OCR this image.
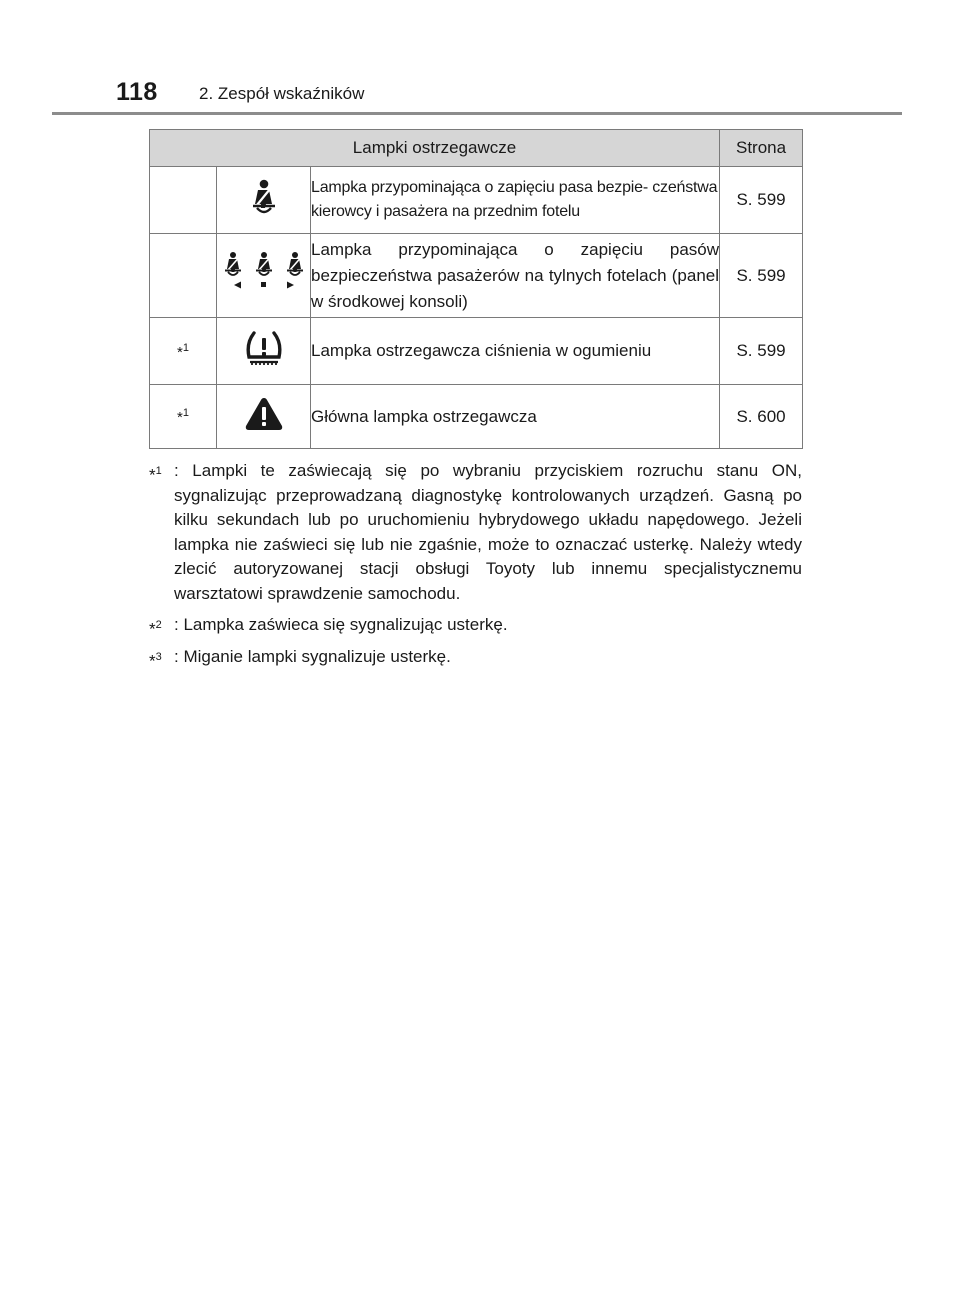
118 2. Zespół wskaźników
Lampki ostrzegawcze			Strona
		Lampka przypominająca o zapięciu pasa bezpie- czeństwa kierowcy i pasażera na przednim fotelu	S. 599
		Lampka przypominająca o zapięciu pasów bezpieczeństwa pasażerów na tylnych fotelach (panel w środkowej konsoli)	S. 599
*$^1$		Lampka ostrzegawcza ciśnienia w ogumieniu	S. 599
*$^1$		Główna lampka ostrzegawcza	S. 600
*$^1$ : Lampki te zaświecają się po wybraniu przyciskiem rozruchu stanu ON, sygnalizując przeprowadzaną diagnostykę kontrolowanych urządzeń. Gasną po kilku sekundach lub po uruchomieniu hybrydowego układu napędowego. Jeżeli lampka nie zaświeci się lub nie zgaśnie, może to oznaczać usterkę. Należy wtedy zlecić autoryzowanej stacji obsługi Toyoty lub innemu specjalistycznemu warsztatowi sprawdzenie samochodu.
*$^2$ : Lampka zaświeca się sygnalizując usterkę.
*$^3$ : Miganie lampki sygnalizuje usterkę.
